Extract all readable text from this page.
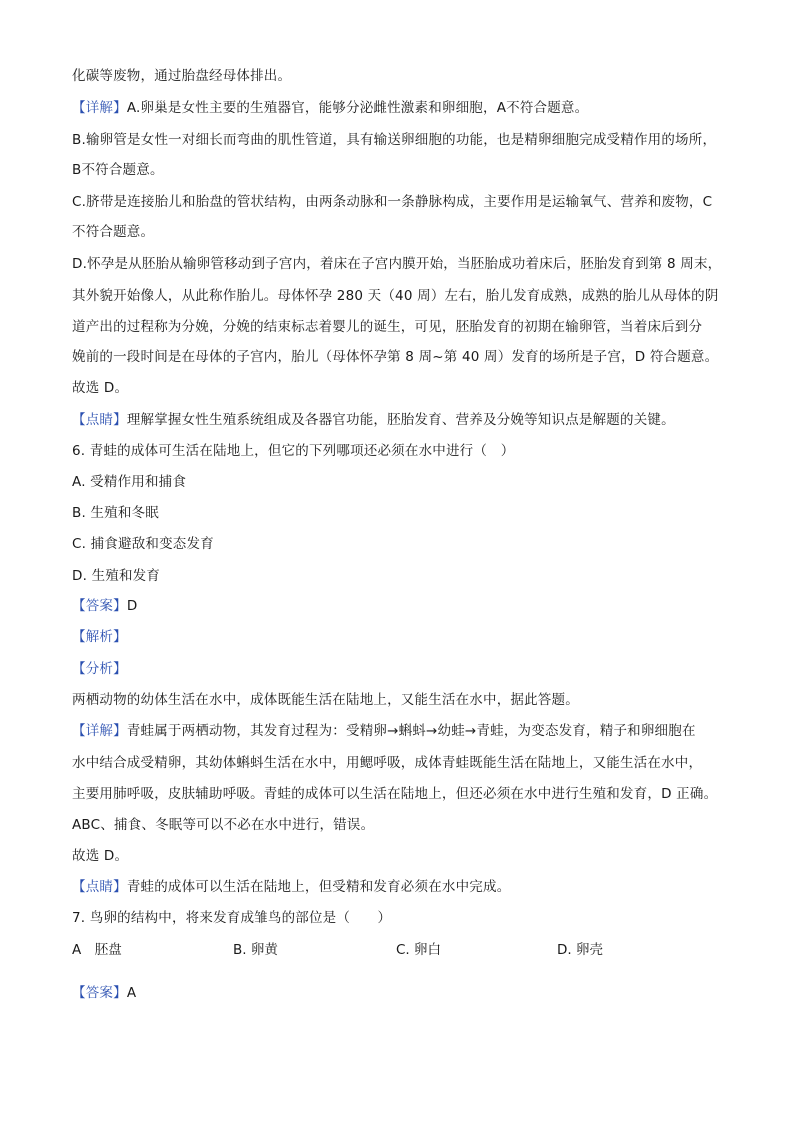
化碳等废物，通过胎盘经母体排出。
【详解】A.卵巢是女性主要的生殖器官，能够分泌雌性激素和卵细胞，A不符合题意。
B.输卵管是女性一对细长而弯曲的肌性管道，具有输送卵细胞的功能，也是精卵细胞完成受精作用的场所，
B不符合题意。
C.脐带是连接胎儿和胎盘的管状结构，由两条动脉和一条静脉构成，主要作用是运输氧气、营养和废物，C
不符合题意。
D.怀孕是从胚胎从输卵管移动到子宫内，着床在子宫内膜开始，当胚胎成功着床后，胚胎发育到第 8 周末，
其外貌开始像人，从此称作胎儿。母体怀孕 280 天（40 周）左右，胎儿发育成熟，成熟的胎儿从母体的阴
道产出的过程称为分娩，分娩的结束标志着婴儿的诞生，可见，胚胎发育的初期在输卵管，当着床后到分
娩前的一段时间是在母体的子宫内，胎儿（母体怀孕第 8 周~第 40 周）发育的场所是子宫，D 符合题意。
故选 D。
【点睛】理解掌握女性生殖系统组成及各器官功能，胚胎发育、营养及分娩等知识点是解题的关键。
6. 青蛙的成体可生活在陆地上，但它的下列哪项还必须在水中进行（　）
A. 受精作用和捕食
B. 生殖和冬眠
C. 捕食避敌和变态发育
D. 生殖和发育
【答案】D
【解析】
【分析】
两栖动物的幼体生活在水中，成体既能生活在陆地上，又能生活在水中，据此答题。
【详解】青蛙属于两栖动物，其发育过程为：受精卵→蝌蚪→幼蛙→青蛙，为变态发育，精子和卵细胞在
水中结合成受精卵，其幼体蝌蚪生活在水中，用鳃呼吸，成体青蛙既能生活在陆地上，又能生活在水中，
主要用肺呼吸，皮肤辅助呼吸。青蛙的成体可以生活在陆地上，但还必须在水中进行生殖和发育，D 正确。
ABC、捕食、冬眠等可以不必在水中进行，错误。
故选 D。
【点睛】青蛙的成体可以生活在陆地上，但受精和发育必须在水中完成。
7. 鸟卵的结构中，将来发育成雏鸟的部位是（　　）
A　胚盘	B. 卵黄	C. 卵白	D. 卵壳
【答案】A
